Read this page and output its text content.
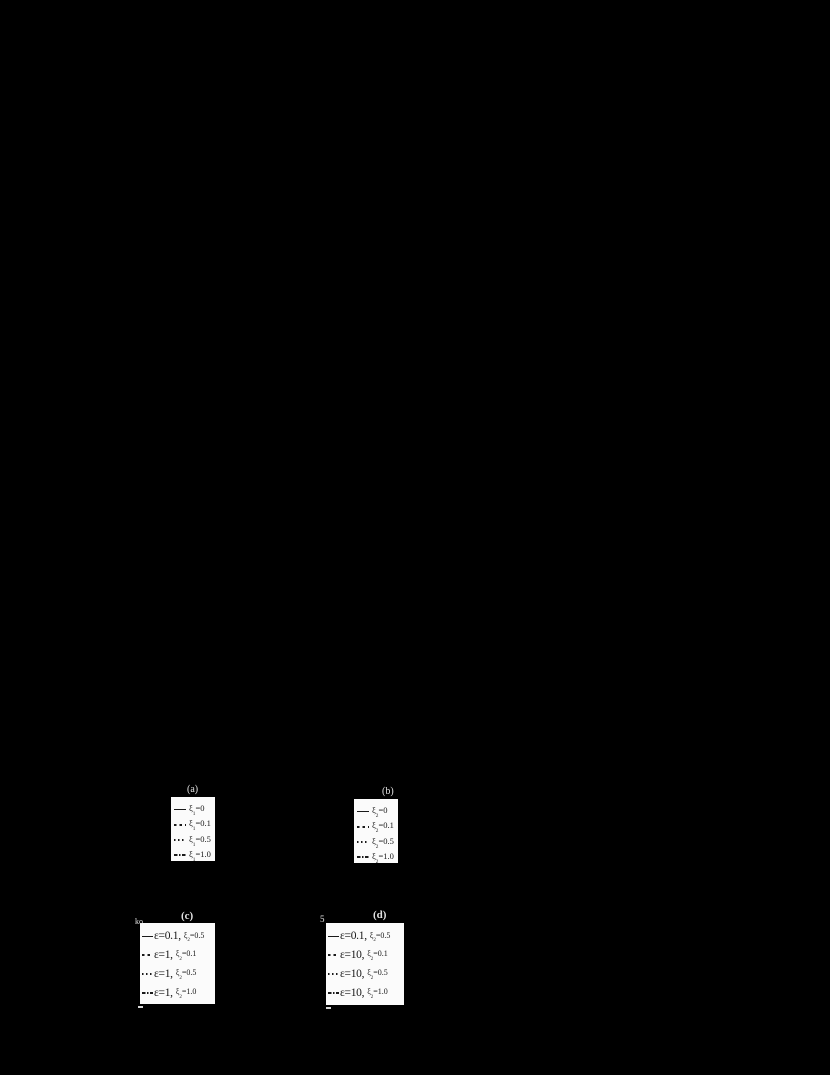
$\xi_1=0$
$\xi_1=0.1$
$\xi_1=0.5$
$\xi_1=1.0$
$\xi_2=0$
$\xi_2=0.1$
$\xi_2=0.5$
$\xi_2=1.0$
ε=0.1, $\xi_2=0.5$
ε=1, $\xi_2=0.1$
ε=1, $\xi_2=0.5$
ε=1, $\xi_2=1.0$
ε=0.1, $\xi_2=0.5$
ε=10, $\xi_2=0.1$
ε=10, $\xi_2=0.5$
ε=10, $\xi_2=1.0$
(a)	(b)
(c)	(d)
ko	5
